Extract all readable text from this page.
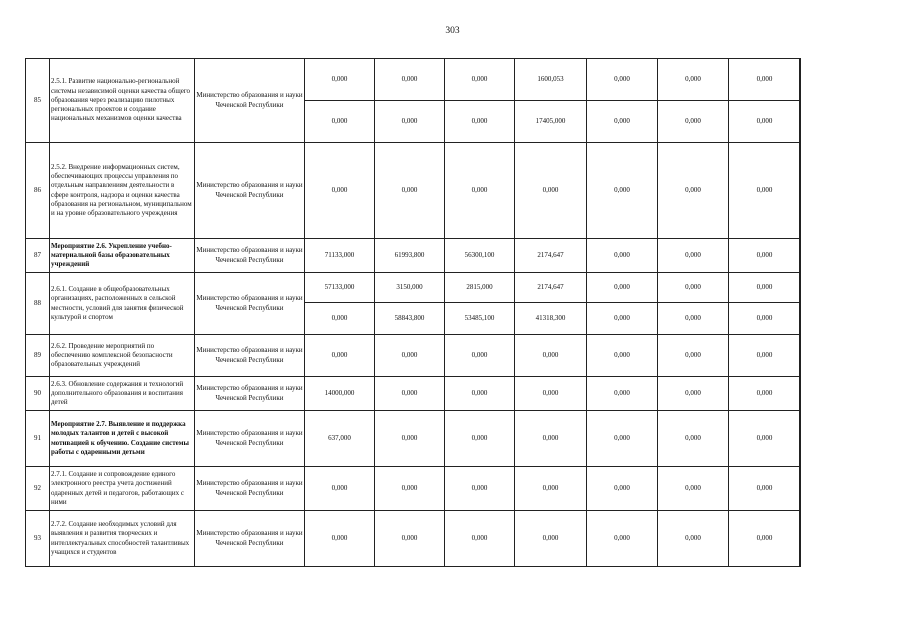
303
85	2.5.1. Развитие национально-региональной системы независимой оценки качества общего образования через реализацию пилотных региональных проектов и создание национальных механизмов оценки качества	Министерство образования и науки Чеченской Республики	0,000	0,000	0,000	1600,053	0,000	0,000	0,000
			0,000	0,000	0,000	17405,000	0,000	0,000	0,000
86	2.5.2. Внедрение информационных систем, обеспечивающих процессы управления по отдельным направлениям деятельности в сфере контроля, надзора и оценки качества образования на региональном, муниципальном и на уровне образовательного учреждения	Министерство образования и науки Чеченской Республики	0,000	0,000	0,000	0,000	0,000	0,000	0,000
87	Мероприятие 2.6. Укрепление учебно-материальной базы образовательных учреждений	Министерство образования и науки Чеченской Республики	71133,000	61993,800	56300,100	2174,647	0,000	0,000	0,000
88	2.6.1. Создание в общеобразовательных организациях, расположенных в сельской местности, условий для занятия физической культурой и спортом	Министерство образования и науки Чеченской Республики	57133,000	3150,000	2815,000	2174,647	0,000	0,000	0,000
			0,000	58843,800	53485,100	41318,300	0,000	0,000	0,000
89	2.6.2. Проведение мероприятий по обеспечению комплексной безопасности образовательных учреждений	Министерство образования и науки Чеченской Республики	0,000	0,000	0,000	0,000	0,000	0,000	0,000
90	2.6.3. Обновление содержания и технологий дополнительного образования и воспитания детей	Министерство образования и науки Чеченской Республики	14000,000	0,000	0,000	0,000	0,000	0,000	0,000
91	Мероприятие 2.7. Выявление и поддержка молодых талантов и детей с высокой мотивацией к обучению. Создание системы работы с одаренными детьми	Министерство образования и науки Чеченской Республики	637,000	0,000	0,000	0,000	0,000	0,000	0,000
92	2.7.1. Создание и сопровождение единого электронного реестра учета достижений одаренных детей и педагогов, работающих с ними	Министерство образования и науки Чеченской Республики	0,000	0,000	0,000	0,000	0,000	0,000	0,000
93	2.7.2. Создание необходимых условий для выявления и развития творческих и интеллектуальных способностей талантливых учащихся и студентов	Министерство образования и науки Чеченской Республики	0,000	0,000	0,000	0,000	0,000	0,000	0,000
